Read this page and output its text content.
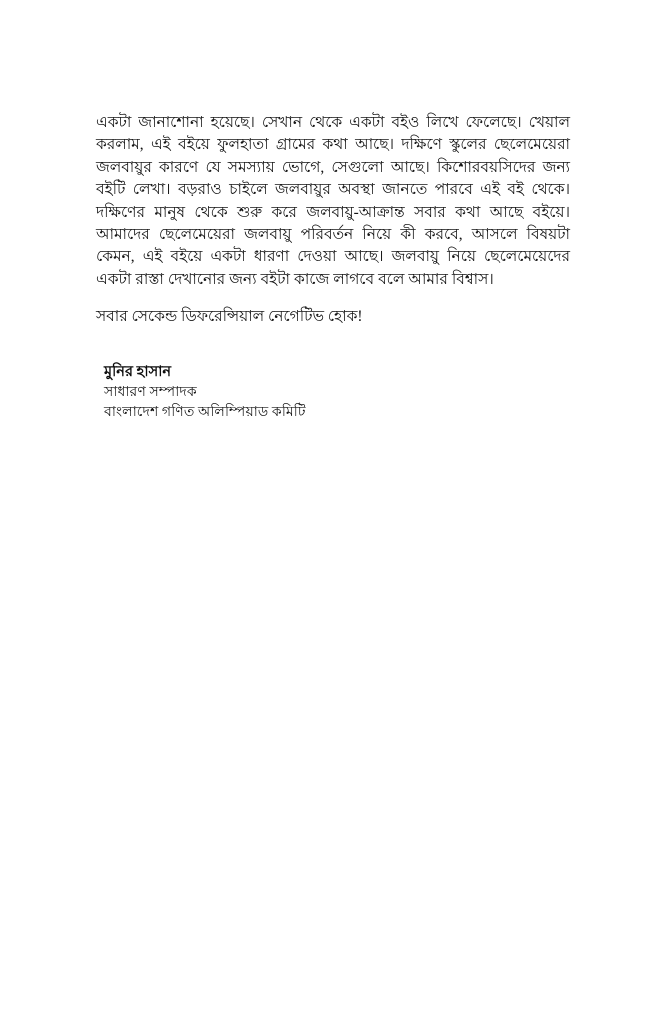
একটা জানাশোনা হয়েছে। সেখান থেকে একটা বইও লিখে ফেলেছে। খেয়াল করলাম, এই বইয়ে ফুলহাতা গ্রামের কথা আছে। দক্ষিণে স্কুলের ছেলেমেয়েরা জলবায়ুর কারণে যে সমস্যায় ভোগে, সেগুলো আছে। কিশোরবয়সিদের জন্য বইটি লেখা। বড়রাও চাইলে জলবায়ুর অবস্থা জানতে পারবে এই বই থেকে। দক্ষিণের মানুষ থেকে শুরু করে জলবায়ু-আক্রান্ত সবার কথা আছে বইয়ে। আমাদের ছেলেমেয়েরা জলবায়ু পরিবর্তন নিয়ে কী করবে, আসলে বিষয়টা কেমন, এই বইয়ে একটা ধারণা দেওয়া আছে। জলবায়ু নিয়ে ছেলেমেয়েদের একটা রাস্তা দেখানোর জন্য বইটা কাজে লাগবে বলে আমার বিশ্বাস।

সবার সেকেন্ড ডিফরেন্সিয়াল নেগেটিভ হোক!

মুনির হাসান

সাধারণ সম্পাদক

বাংলাদেশ গণিত অলিম্পিয়াড কমিটি
